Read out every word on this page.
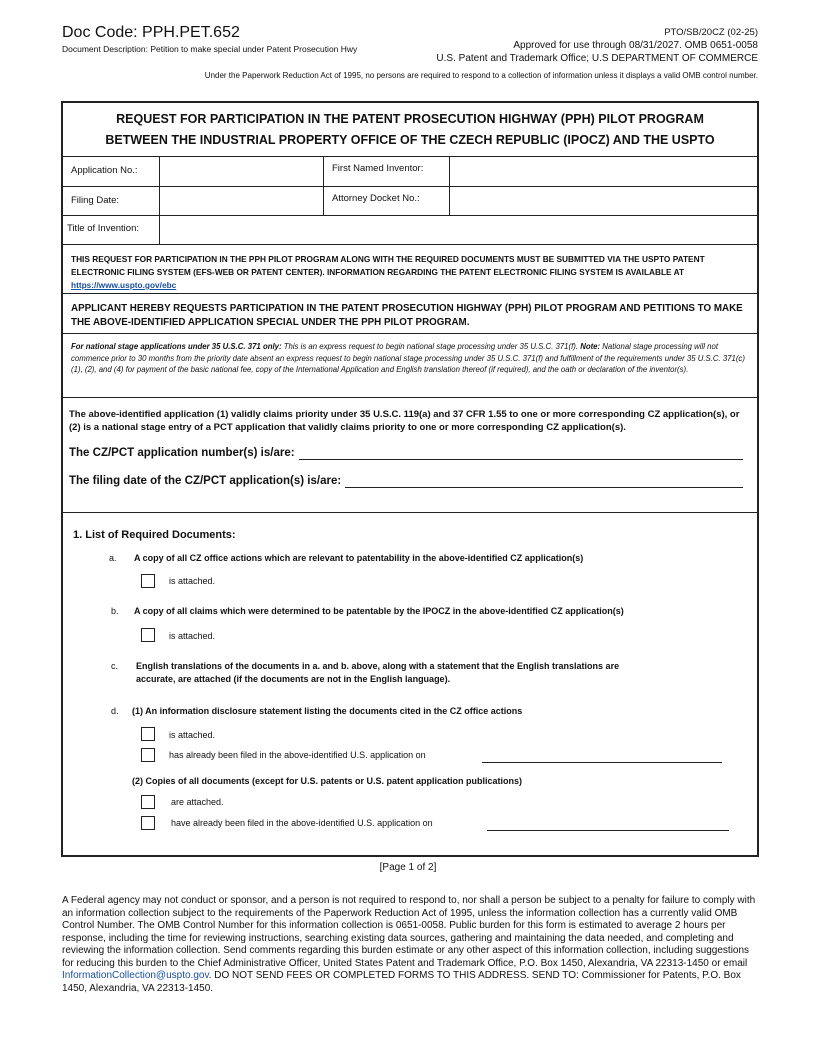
Doc Code: PPH.PET.652
Document Description: Petition to make special under Patent Prosecution Hwy
PTO/SB/20CZ (02-25)
Approved for use through 08/31/2027. OMB 0651-0058
U.S. Patent and Trademark Office; U.S DEPARTMENT OF COMMERCE
Under the Paperwork Reduction Act of 1995, no persons are required to respond to a collection of information unless it displays a valid OMB control number.
REQUEST FOR PARTICIPATION IN THE PATENT PROSECUTION HIGHWAY (PPH) PILOT PROGRAM
BETWEEN THE INDUSTRIAL PROPERTY OFFICE OF THE CZECH REPUBLIC (IPOCZ) AND THE USPTO
Application No.:	First Named Inventor:
Filing Date:	Attorney Docket No.:
Title of Invention:
THIS REQUEST FOR PARTICIPATION IN THE PPH PILOT PROGRAM ALONG WITH THE REQUIRED DOCUMENTS MUST BE SUBMITTED VIA THE USPTO PATENT ELECTRONIC FILING SYSTEM (EFS-WEB OR PATENT CENTER). INFORMATION REGARDING THE PATENT ELECTRONIC FILING SYSTEM IS AVAILABLE AT https://www.uspto.gov/ebc
APPLICANT HEREBY REQUESTS PARTICIPATION IN THE PATENT PROSECUTION HIGHWAY (PPH) PILOT PROGRAM AND PETITIONS TO MAKE THE ABOVE-IDENTIFIED APPLICATION SPECIAL UNDER THE PPH PILOT PROGRAM.
For national stage applications under 35 U.S.C. 371 only: This is an express request to begin national stage processing under 35 U.S.C. 371(f). Note: National stage processing will not commence prior to 30 months from the priority date absent an express request to begin national stage processing under 35 U.S.C. 371(f) and fulfillment of the requirements under 35 U.S.C. 371(c)(1), (2), and (4) for payment of the basic national fee, copy of the International Application and English translation thereof (if required), and the oath or declaration of the inventor(s).
The above-identified application (1) validly claims priority under 35 U.S.C. 119(a) and 37 CFR 1.55 to one or more corresponding CZ application(s), or (2) is a national stage entry of a PCT application that validly claims priority to one or more corresponding CZ application(s).
The CZ/PCT application number(s) is/are:
The filing date of the CZ/PCT application(s) is/are:
1. List of Required Documents:
a. A copy of all CZ office actions which are relevant to patentability in the above-identified CZ application(s)
is attached.
b. A copy of all claims which were determined to be patentable by the IPOCZ in the above-identified CZ application(s)
is attached.
c. English translations of the documents in a. and b. above, along with a statement that the English translations are
accurate, are attached (if the documents are not in the English language).
d. (1) An information disclosure statement listing the documents cited in the CZ office actions
is attached.
has already been filed in the above-identified U.S. application on
(2) Copies of all documents (except for U.S. patents or U.S. patent application publications)
are attached.
have already been filed in the above-identified U.S. application on
[Page 1 of 2]
A Federal agency may not conduct or sponsor, and a person is not required to respond to, nor shall a person be subject to a penalty for failure to comply with an information collection subject to the requirements of the Paperwork Reduction Act of 1995, unless the information collection has a currently valid OMB Control Number. The OMB Control Number for this information collection is 0651-0058. Public burden for this form is estimated to average 2 hours per response, including the time for reviewing instructions, searching existing data sources, gathering and maintaining the data needed, and completing and reviewing the information collection. Send comments regarding this burden estimate or any other aspect of this information collection, including suggestions for reducing this burden to the Chief Administrative Officer, United States Patent and Trademark Office, P.O. Box 1450, Alexandria, VA 22313-1450 or email InformationCollection@uspto.gov. DO NOT SEND FEES OR COMPLETED FORMS TO THIS ADDRESS. SEND TO: Commissioner for Patents, P.O. Box 1450, Alexandria, VA 22313-1450.
